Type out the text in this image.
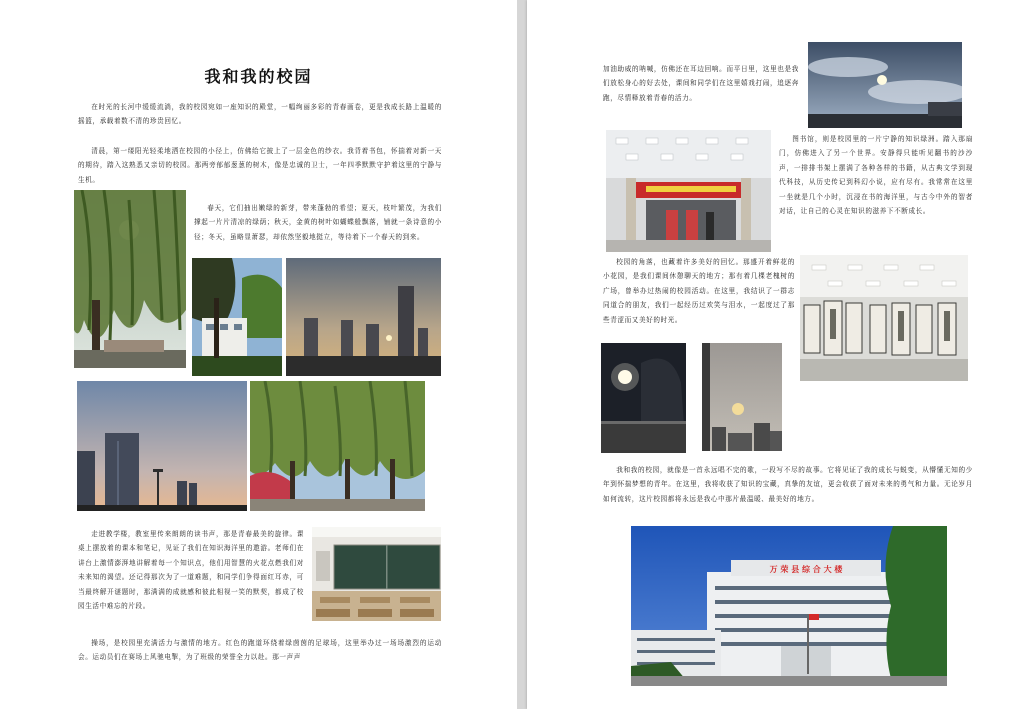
我和我的校园

在时光的长河中缓缓流淌，我的校园宛如一座知识的殿堂，一幅绚丽多彩的青春画卷，更是我成长路上温暖的摇篮，承载着数不清的珍贵回忆。

清晨，第一缕阳光轻柔地洒在校园的小径上，仿佛给它披上了一层金色的纱衣。我背着书包，怀揣着对新一天的期待，踏入这熟悉又亲切的校园。那两旁郁郁葱葱的树木，像是忠诚的卫士，一年四季默默守护着这里的宁静与生机。

春天，它们抽出嫩绿的新芽，带来蓬勃的希望；夏天，枝叶繁茂，为我们撑起一片片清凉的绿荫；秋天，金黄的树叶如蝴蝶般飘落，铺就一条诗意的小径；冬天，虽略显萧瑟，却依然坚毅地挺立，等待着下一个春天的到来。

走进教学楼，教室里传来朗朗的读书声，那是青春最美的旋律。课桌上摆放着的课本和笔记，见证了我们在知识海洋里的遨游。老师们在讲台上激情澎湃地讲解着每一个知识点，他们用智慧的火花点燃我们对未来知的渴望。还记得那次为了一道难题，和同学们争得面红耳赤，可当最终解开谜题时，那满满的成就感和彼此相视一笑的默契，都成了校园生活中难忘的片段。

操场，是校园里充满活力与激情的地方。红色的跑道环绕着绿茵茵的足球场，这里举办过一场场激烈的运动会。运动员们在赛场上风驰电掣，为了班级的荣誉全力以赴。那一声声

加油助威的呐喊，仿佛还在耳边回响。而平日里，这里也是我们放松身心的好去处，课间和同学们在这里嬉戏打闹，追逐奔跑，尽情释放着青春的活力。

图书馆，则是校园里的一片宁静的知识绿洲。踏入那扇门，仿佛进入了另一个世界。安静得只能听见翻书的沙沙声，一排排书架上摆满了各种各样的书籍，从古典文学到现代科技，从历史传记到科幻小说，应有尽有。我常常在这里一坐就是几个小时，沉浸在书的海洋里，与古今中外的智者对话，让自己的心灵在知识的滋养下不断成长。

校园的角落，也藏着许多美好的回忆。那盛开着鲜花的小花园，是我们课间休憩聊天的地方；那有着几棵老槐树的广场，曾举办过热闹的校园活动。在这里，我结识了一群志同道合的朋友，我们一起经历过欢笑与泪水，一起度过了那些青涩而又美好的时光。

我和我的校园，就像是一首永远唱不完的歌，一段写不尽的故事。它将见证了我的成长与蜕变，从懵懂无知的少年到怀揣梦想的青年。在这里，我将收获了知识的宝藏，真挚的友谊，更会收获了面对未来的勇气和力量。无论岁月如何流转，这片校园都将永远是我心中那片最温暖、最美好的地方。

万 荣 县 综 合 大 楼
